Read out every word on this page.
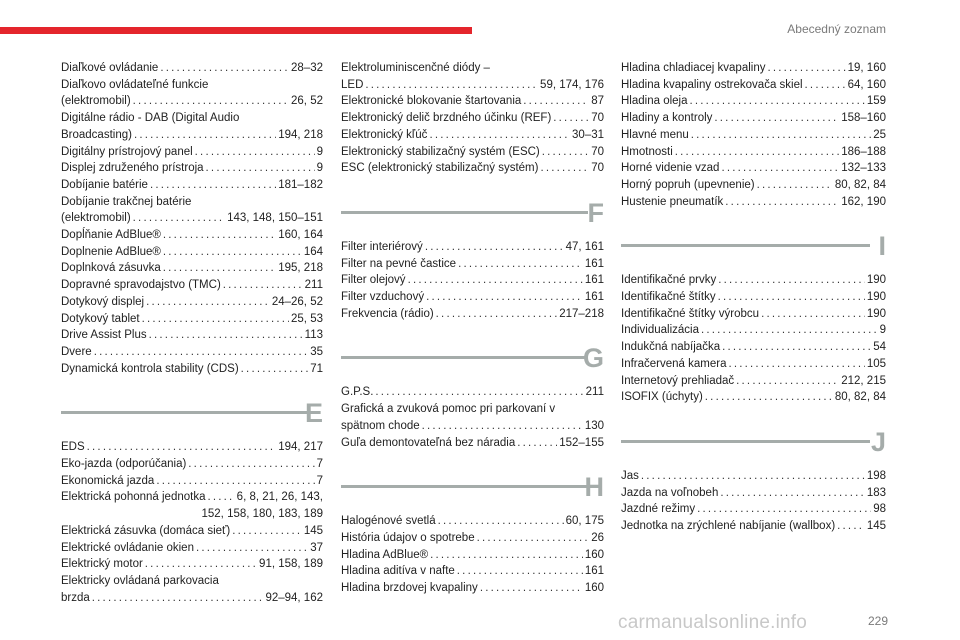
Abecedný zoznam
Diaľkové ovládanie . . .	28–32
Diaľkovo ovládateľné funkcie
(elektromobil) . . .	26, 52
Digitálne rádio - DAB (Digital Audio
Broadcasting) . . .	194, 218
Digitálny prístrojový panel . . .	9
Displej združeného prístroja . . .	9
Dobíjanie batérie . . .	181–182
Dobíjanie trakčnej batérie
(elektromobil) . . .	143, 148, 150–151
Dopĺňanie AdBlue® . . .	160, 164
Doplnenie AdBlue® . . .	164
Doplnková zásuvka . . .	195, 218
Dopravné spravodajstvo (TMC) . . .	211
Dotykový displej . . .	24–26, 52
Dotykový tablet . . .	25, 53
Drive Assist Plus . . .	113
Dvere . . .	35
Dynamická kontrola stability (CDS) . . .	71
E
EDS . . .	194, 217
Eko-jazda (odporúčania) . . .	7
Ekonomická jazda . . .	7
Elektrická pohonná jednotka . . .	6, 8, 21, 26, 143,
152, 158, 180, 183, 189
Elektrická zásuvka (domáca sieť) . . .	145
Elektrické ovládanie okien . . .	37
Elektrický motor . . .	91, 158, 189
Elektricky ovládaná parkovacia
brzda . . .	92–94, 162
Elektroluminiscenčné diódy –
LED . . .	59, 174, 176
Elektronické blokovanie štartovania . . .	87
Elektronický delič brzdného účinku (REF) . . .	70
Elektronický kľúč . . .	30–31
Elektronický stabilizačný systém (ESC) . . .	70
ESC (elektronický stabilizačný systém) . . .	70
F
Filter interiérový . . .	47, 161
Filter na pevné častice . . .	161
Filter olejový . . .	161
Filter vzduchový . . .	161
Frekvencia (rádio) . . .	217–218
G
G.P.S. . . .	211
Grafická a zvuková pomoc pri parkovaní v
spätnom chode . . .	130
Guľa demontovateľná bez náradia . . .	152–155
H
Halogénové svetlá . . .	60, 175
História údajov o spotrebe . . .	26
Hladina AdBlue® . . .	160
Hladina aditíva v nafte . . .	161
Hladina brzdovej kvapaliny . . .	160
Hladina chladiacej kvapaliny . . .	19, 160
Hladina kvapaliny ostrekovača skiel . . .	64, 160
Hladina oleja . . .	159
Hladiny a kontroly . . .	158–160
Hlavné menu . . .	25
Hmotnosti . . .	186–188
Horné videnie vzad . . .	132–133
Horný popruh (upevnenie) . . .	80, 82, 84
Hustenie pneumatík . . .	162, 190
I
Identifikačné prvky . . .	190
Identifikačné štítky . . .	190
Identifikačné štítky výrobcu . . .	190
Individualizácia . . .	9
Indukčná nabíjačka . . .	54
Infračervená kamera . . .	105
Internetový prehliadač . . .	212, 215
ISOFIX (úchyty) . . .	80, 82, 84
J
Jas . . .	198
Jazda na voľnobeh . . .	183
Jazdné režimy . . .	98
Jednotka na zrýchlené nabíjanie (wallbox) . . .	145
229
carmanualsonline.info
